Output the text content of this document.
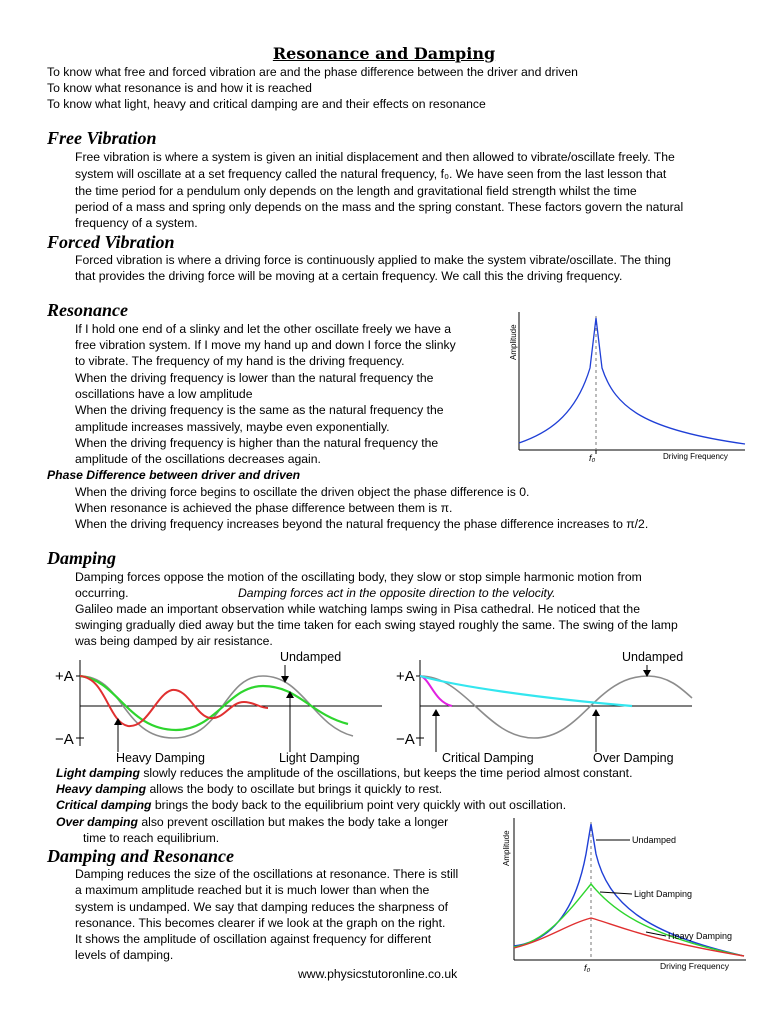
Resonance and Damping
To know what free and forced vibration are and the phase difference between the driver and driven
To know what resonance is and how it is reached
To know what light, heavy and critical damping are and their effects on resonance
Free Vibration
Free vibration is where a system is given an initial displacement and then allowed to vibrate/oscillate freely. The
system will oscillate at a set frequency called the natural frequency, f₀. We have seen from the last lesson that
the time period for a pendulum only depends on the length and gravitational field strength whilst the time
period of a mass and spring only depends on the mass and the spring constant. These factors govern the natural
frequency of a system.
Forced Vibration
Forced vibration is where a driving force is continuously applied to make the system vibrate/oscillate. The thing
that provides the driving force will be moving at a certain frequency. We call this the driving frequency.
Resonance
If I hold one end of a slinky and let the other oscillate freely we have a
free vibration system. If I move my hand up and down I force the slinky
to vibrate. The frequency of my hand is the driving frequency.
When the driving frequency is lower than the natural frequency the
oscillations have a low amplitude
When the driving frequency is the same as the natural frequency the
amplitude increases massively, maybe even exponentially.
When the driving frequency is higher than the natural frequency the
amplitude of the oscillations decreases again.
Amplitude
f₀	Driving Frequency
Phase Difference between driver and driven
When the driving force begins to oscillate the driven object the phase difference is 0.
When resonance is achieved the phase difference between them is π.
When the driving frequency increases beyond the natural frequency the phase difference increases to π/2.
Damping
Damping forces oppose the motion of the oscillating body, they slow or stop simple harmonic motion from
occurring.	Damping forces act in the opposite direction to the velocity.
Galileo made an important observation while watching lamps swing in Pisa cathedral. He noticed that the
swinging gradually died away but the time taken for each swing stayed roughly the same. The swing of the lamp
was being damped by air resistance.
+A
−A
Undamped
Heavy Damping	Light Damping
+A
−A
Undamped
Critical Damping	Over Damping
Light damping slowly reduces the amplitude of the oscillations, but keeps the time period almost constant.
Heavy damping allows the body to oscillate but brings it quickly to rest.
Critical damping brings the body back to the equilibrium point very quickly with out oscillation.
Over damping also prevent oscillation but makes the body take a longer
time to reach equilibrium.
Damping and Resonance
Damping reduces the size of the oscillations at resonance. There is still
a maximum amplitude reached but it is much lower than when the
system is undamped. We say that damping reduces the sharpness of
resonance. This becomes clearer if we look at the graph on the right.
It shows the amplitude of oscillation against frequency for different
levels of damping.
Undamped
Light Damping
Heavy Damping
Amplitude
f₀	Driving Frequency
www.physicstutoronline.co.uk
